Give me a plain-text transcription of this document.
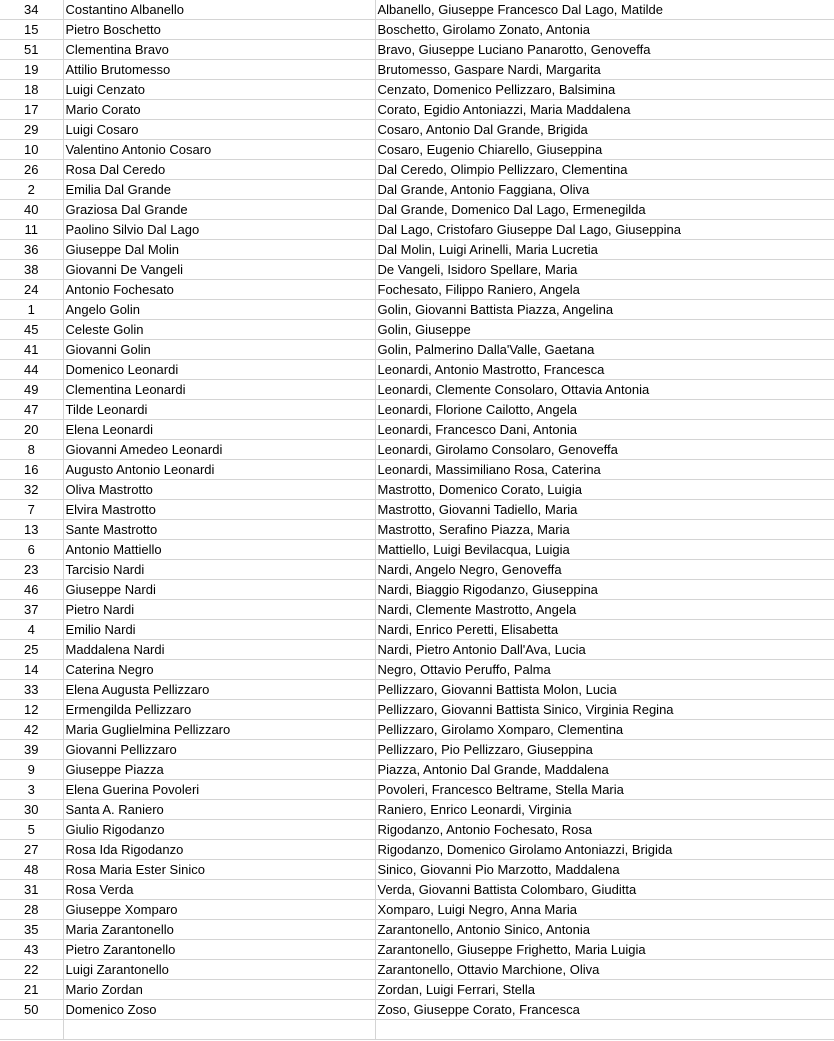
34	Costantino Albanello	Albanello, Giuseppe Francesco Dal Lago, Matilde
15	Pietro Boschetto	Boschetto, Girolamo Zonato, Antonia
51	Clementina Bravo	Bravo, Giuseppe Luciano Panarotto, Genoveffa
19	Attilio Brutomesso	Brutomesso, Gaspare Nardi, Margarita
18	Luigi Cenzato	Cenzato, Domenico Pellizzaro, Balsimina
17	Mario Corato	Corato, Egidio Antoniazzi, Maria Maddalena
29	Luigi Cosaro	Cosaro, Antonio Dal Grande, Brigida
10	Valentino Antonio Cosaro	Cosaro, Eugenio Chiarello, Giuseppina
26	Rosa Dal Ceredo	Dal Ceredo, Olimpio Pellizzaro, Clementina
2	Emilia Dal Grande	Dal Grande, Antonio Faggiana, Oliva
40	Graziosa Dal Grande	Dal Grande, Domenico Dal Lago, Ermenegilda
11	Paolino Silvio Dal Lago	Dal Lago, Cristofaro Giuseppe Dal Lago, Giuseppina
36	Giuseppe Dal Molin	Dal Molin, Luigi Arinelli, Maria Lucretia
38	Giovanni De Vangeli	De Vangeli, Isidoro Spellare, Maria
24	Antonio Fochesato	Fochesato, Filippo Raniero, Angela
1	Angelo Golin	Golin, Giovanni Battista Piazza, Angelina
45	Celeste Golin	Golin, Giuseppe
41	Giovanni Golin	Golin, Palmerino Dalla'Valle, Gaetana
44	Domenico Leonardi	Leonardi, Antonio Mastrotto, Francesca
49	Clementina Leonardi	Leonardi, Clemente Consolaro, Ottavia Antonia
47	Tilde Leonardi	Leonardi, Florione Cailotto, Angela
20	Elena Leonardi	Leonardi, Francesco Dani, Antonia
8	Giovanni Amedeo Leonardi	Leonardi, Girolamo Consolaro, Genoveffa
16	Augusto Antonio Leonardi	Leonardi, Massimiliano Rosa, Caterina
32	Oliva Mastrotto	Mastrotto, Domenico Corato, Luigia
7	Elvira Mastrotto	Mastrotto, Giovanni Tadiello, Maria
13	Sante Mastrotto	Mastrotto, Serafino Piazza, Maria
6	Antonio Mattiello	Mattiello, Luigi Bevilacqua, Luigia
23	Tarcisio Nardi	Nardi, Angelo Negro, Genoveffa
46	Giuseppe Nardi	Nardi, Biaggio Rigodanzo, Giuseppina
37	Pietro Nardi	Nardi, Clemente Mastrotto, Angela
4	Emilio Nardi	Nardi, Enrico Peretti, Elisabetta
25	Maddalena Nardi	Nardi, Pietro Antonio Dall'Ava, Lucia
14	Caterina Negro	Negro, Ottavio Peruffo, Palma
33	Elena Augusta Pellizzaro	Pellizzaro, Giovanni Battista Molon, Lucia
12	Ermengilda Pellizzaro	Pellizzaro, Giovanni Battista Sinico, Virginia Regina
42	Maria Guglielmina Pellizzaro	Pellizzaro, Girolamo Xomparo, Clementina
39	Giovanni Pellizzaro	Pellizzaro, Pio Pellizzaro, Giuseppina
9	Giuseppe Piazza	Piazza, Antonio Dal Grande, Maddalena
3	Elena Guerina Povoleri	Povoleri, Francesco Beltrame, Stella Maria
30	Santa A. Raniero	Raniero, Enrico Leonardi, Virginia
5	Giulio Rigodanzo	Rigodanzo, Antonio Fochesato, Rosa
27	Rosa Ida Rigodanzo	Rigodanzo, Domenico Girolamo Antoniazzi, Brigida
48	Rosa Maria Ester Sinico	Sinico, Giovanni Pio Marzotto, Maddalena
31	Rosa Verda	Verda, Giovanni Battista Colombaro, Giuditta
28	Giuseppe Xomparo	Xomparo, Luigi Negro, Anna Maria
35	Maria Zarantonello	Zarantonello, Antonio Sinico, Antonia
43	Pietro Zarantonello	Zarantonello, Giuseppe Frighetto, Maria Luigia
22	Luigi Zarantonello	Zarantonello, Ottavio Marchione, Oliva
21	Mario Zordan	Zordan, Luigi Ferrari, Stella
50	Domenico Zoso	Zoso, Giuseppe Corato, Francesca
